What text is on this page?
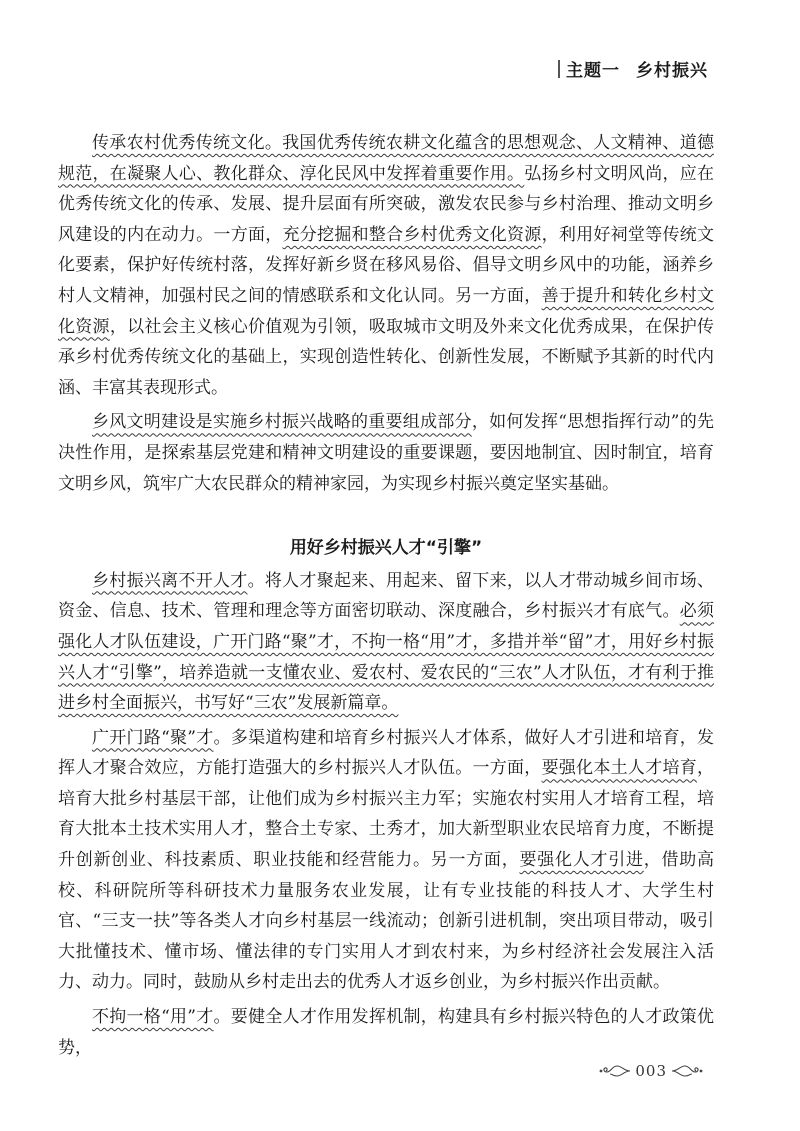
主题一 乡村振兴

传承农村优秀传统文化。我国优秀传统农耕文化蕴含的思想观念、人文精神、道德规范，在凝聚人心、教化群众、淳化民风中发挥着重要作用。弘扬乡村文明风尚，应在优秀传统文化的传承、发展、提升层面有所突破，激发农民参与乡村治理、推动文明乡风建设的内在动力。一方面，充分挖掘和整合乡村优秀文化资源，利用好祠堂等传统文化要素，保护好传统村落，发挥好新乡贤在移风易俗、倡导文明乡风中的功能，涵养乡村人文精神，加强村民之间的情感联系和文化认同。另一方面，善于提升和转化乡村文化资源，以社会主义核心价值观为引领，吸取城市文明及外来文化优秀成果，在保护传承乡村优秀传统文化的基础上，实现创造性转化、创新性发展，不断赋予其新的时代内涵、丰富其表现形式。

乡风文明建设是实施乡村振兴战略的重要组成部分，如何发挥“思想指挥行动”的先决性作用，是探索基层党建和精神文明建设的重要课题，要因地制宜、因时制宜，培育文明乡风，筑牢广大农民群众的精神家园，为实现乡村振兴奠定坚实基础。

用好乡村振兴人才“引擎”

乡村振兴离不开人才。将人才聚起来、用起来、留下来，以人才带动城乡间市场、资金、信息、技术、管理和理念等方面密切联动、深度融合，乡村振兴才有底气。必须强化人才队伍建设，广开门路“聚”才，不拘一格“用”才，多措并举“留”才，用好乡村振兴人才“引擎”，培养造就一支懂农业、爱农村、爱农民的“三农”人才队伍，才有利于推进乡村全面振兴，书写好“三农”发展新篇章。

广开门路“聚”才。多渠道构建和培育乡村振兴人才体系，做好人才引进和培育，发挥人才聚合效应，方能打造强大的乡村振兴人才队伍。一方面，要强化本土人才培育，培育大批乡村基层干部，让他们成为乡村振兴主力军；实施农村实用人才培育工程，培育大批本土技术实用人才，整合土专家、土秀才，加大新型职业农民培育力度，不断提升创新创业、科技素质、职业技能和经营能力。另一方面，要强化人才引进，借助高校、科研院所等科研技术力量服务农业发展，让有专业技能的科技人才、大学生村官、“三支一扶”等各类人才向乡村基层一线流动；创新引进机制，突出项目带动，吸引大批懂技术、懂市场、懂法律的专门实用人才到农村来，为乡村经济社会发展注入活力、动力。同时，鼓励从乡村走出去的优秀人才返乡创业，为乡村振兴作出贡献。

不拘一格“用”才。要健全人才作用发挥机制，构建具有乡村振兴特色的人才政策优势，

003
